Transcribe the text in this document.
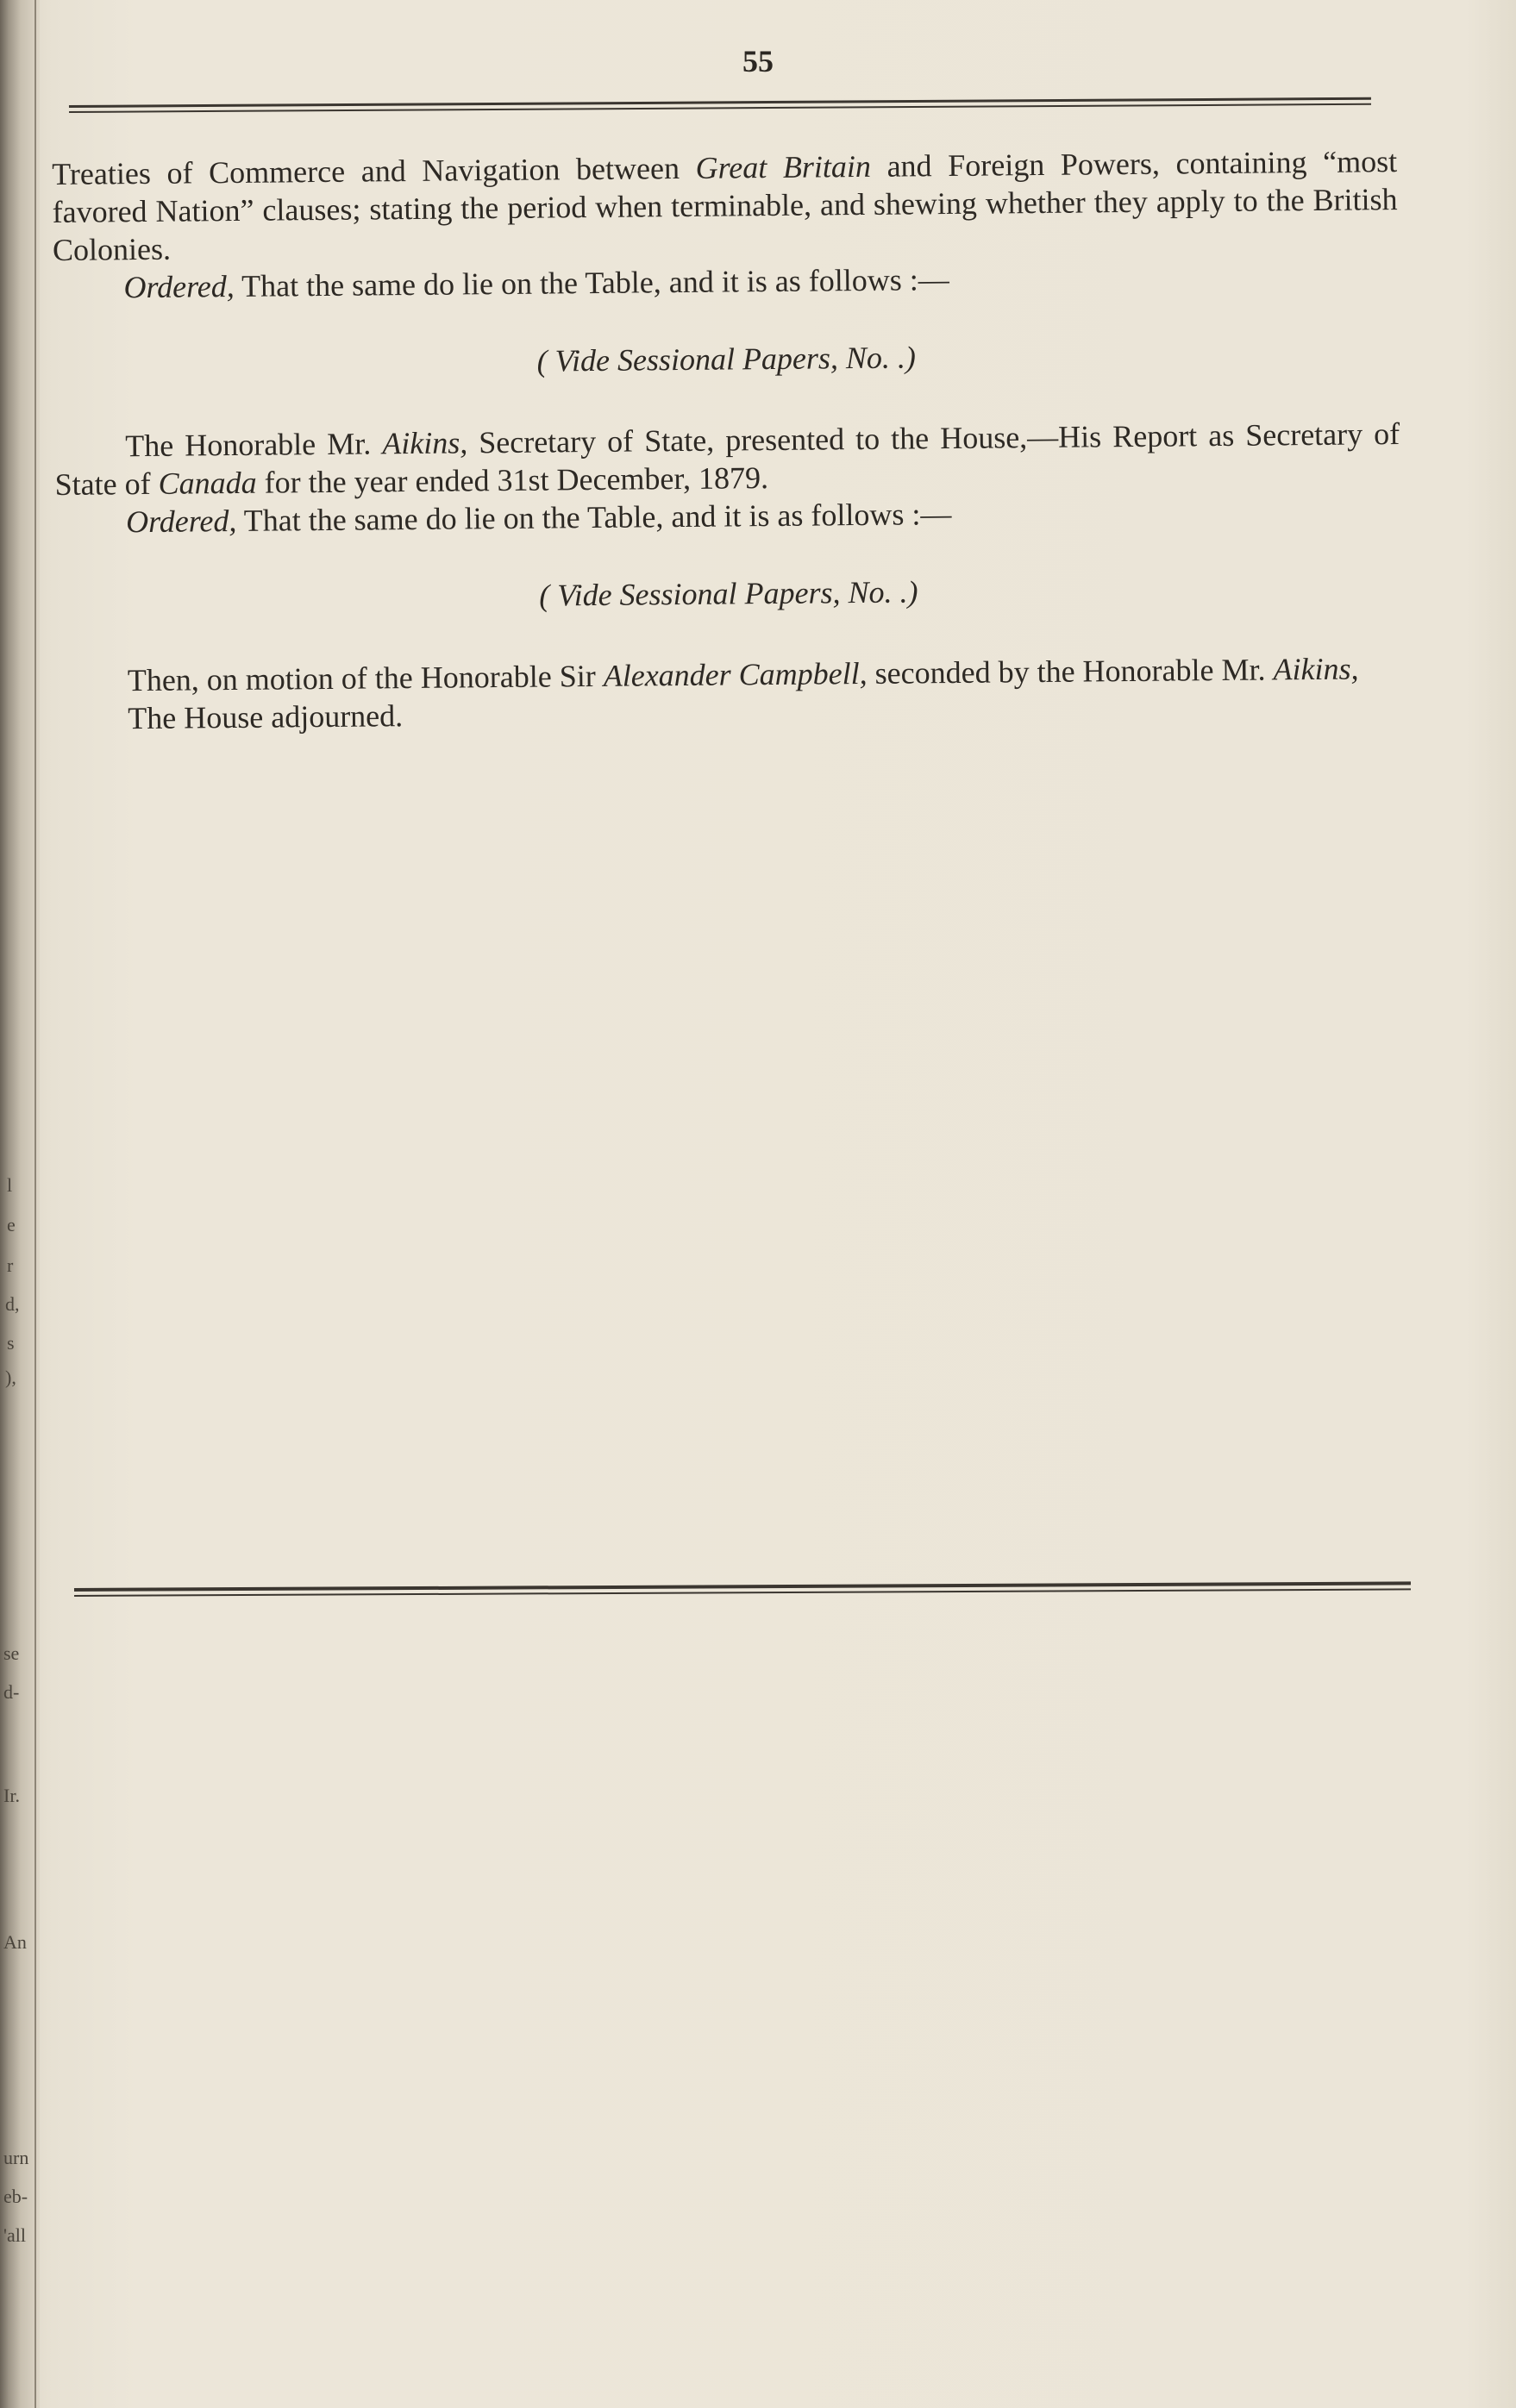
l
e
r
d,
s
),
se
d-
Ir.
An
urn
eb-
'all
55

Treaties of Commerce and Navigation between Great Britain and Foreign Powers, containing “most favored Nation” clauses; stating the period when terminable, and shewing whether they apply to the British Colonies.

Ordered, That the same do lie on the Table, and it is as follows :—

( Vide Sessional Papers, No. .)

The Honorable Mr. Aikins, Secretary of State, presented to the House,—His Report as Secretary of State of Canada for the year ended 31st December, 1879.

Ordered, That the same do lie on the Table, and it is as follows :—

( Vide Sessional Papers, No. .)

Then, on motion of the Honorable Sir Alexander Campbell, seconded by the Honorable Mr. Aikins,

The House adjourned.
